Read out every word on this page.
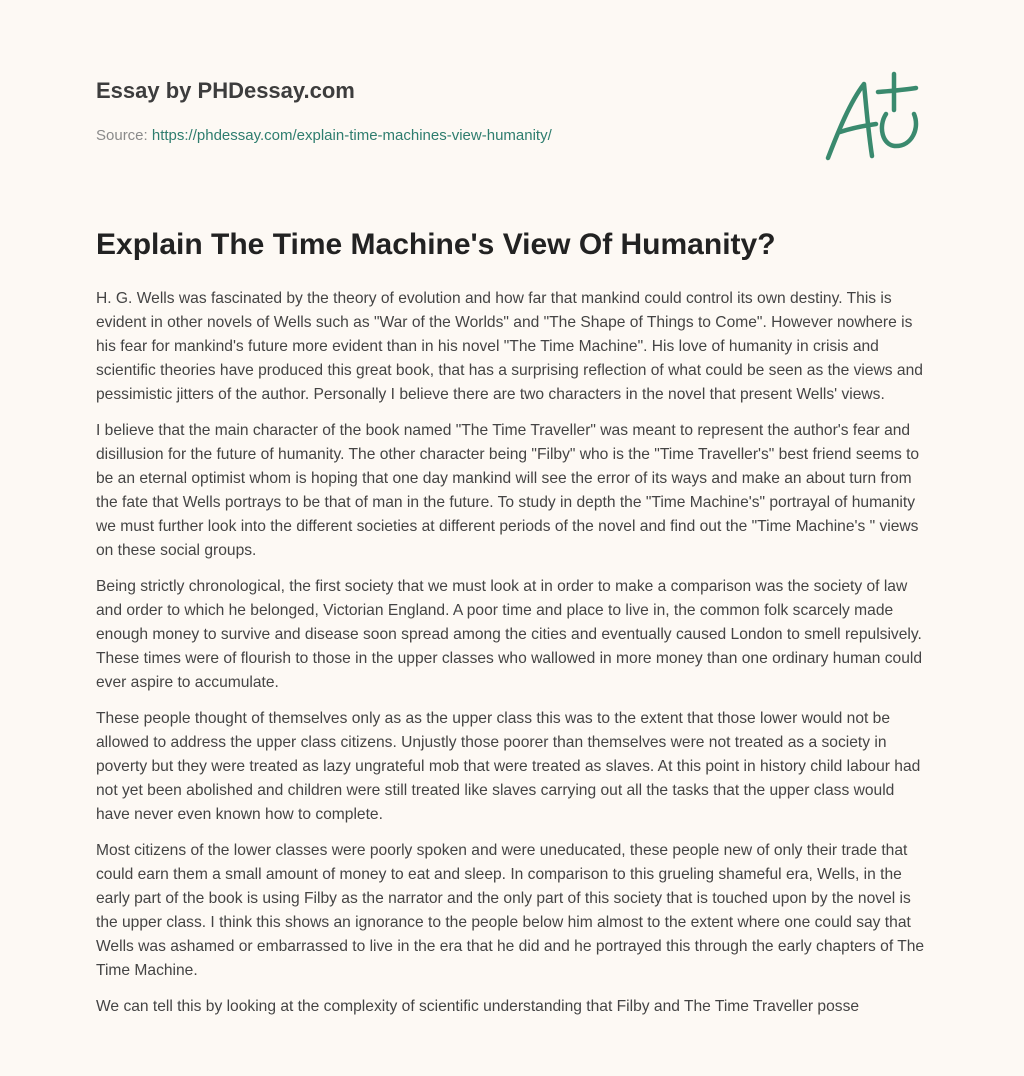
Essay by PHDessay.com
Source: https://phdessay.com/explain-time-machines-view-humanity/
Explain The Time Machine's View Of Humanity?

H. G. Wells was fascinated by the theory of evolution and how far that mankind could control its own destiny. This is evident in other novels of Wells such as "War of the Worlds" and "The Shape of Things to Come". However nowhere is his fear for mankind's future more evident than in his novel "The Time Machine". His love of humanity in crisis and scientific theories have produced this great book, that has a surprising reflection of what could be seen as the views and pessimistic jitters of the author. Personally I believe there are two characters in the novel that present Wells' views.

I believe that the main character of the book named "The Time Traveller" was meant to represent the author's fear and disillusion for the future of humanity. The other character being "Filby" who is the "Time Traveller's" best friend seems to be an eternal optimist whom is hoping that one day mankind will see the error of its ways and make an about turn from the fate that Wells portrays to be that of man in the future. To study in depth the "Time Machine's" portrayal of humanity we must further look into the different societies at different periods of the novel and find out the "Time Machine's " views on these social groups.

Being strictly chronological, the first society that we must look at in order to make a comparison was the society of law and order to which he belonged, Victorian England. A poor time and place to live in, the common folk scarcely made enough money to survive and disease soon spread among the cities and eventually caused London to smell repulsively. These times were of flourish to those in the upper classes who wallowed in more money than one ordinary human could ever aspire to accumulate.

These people thought of themselves only as as the upper class this was to the extent that those lower would not be allowed to address the upper class citizens. Unjustly those poorer than themselves were not treated as a society in poverty but they were treated as lazy ungrateful mob that were treated as slaves. At this point in history child labour had not yet been abolished and children were still treated like slaves carrying out all the tasks that the upper class would have never even known how to complete.

Most citizens of the lower classes were poorly spoken and were uneducated, these people new of only their trade that could earn them a small amount of money to eat and sleep. In comparison to this grueling shameful era, Wells, in the early part of the book is using Filby as the narrator and the only part of this society that is touched upon by the novel is the upper class. I think this shows an ignorance to the people below him almost to the extent where one could say that Wells was ashamed or embarrassed to live in the era that he did and he portrayed this through the early chapters of The Time Machine.

We can tell this by looking at the complexity of scientific understanding that Filby and The Time Traveller posse
